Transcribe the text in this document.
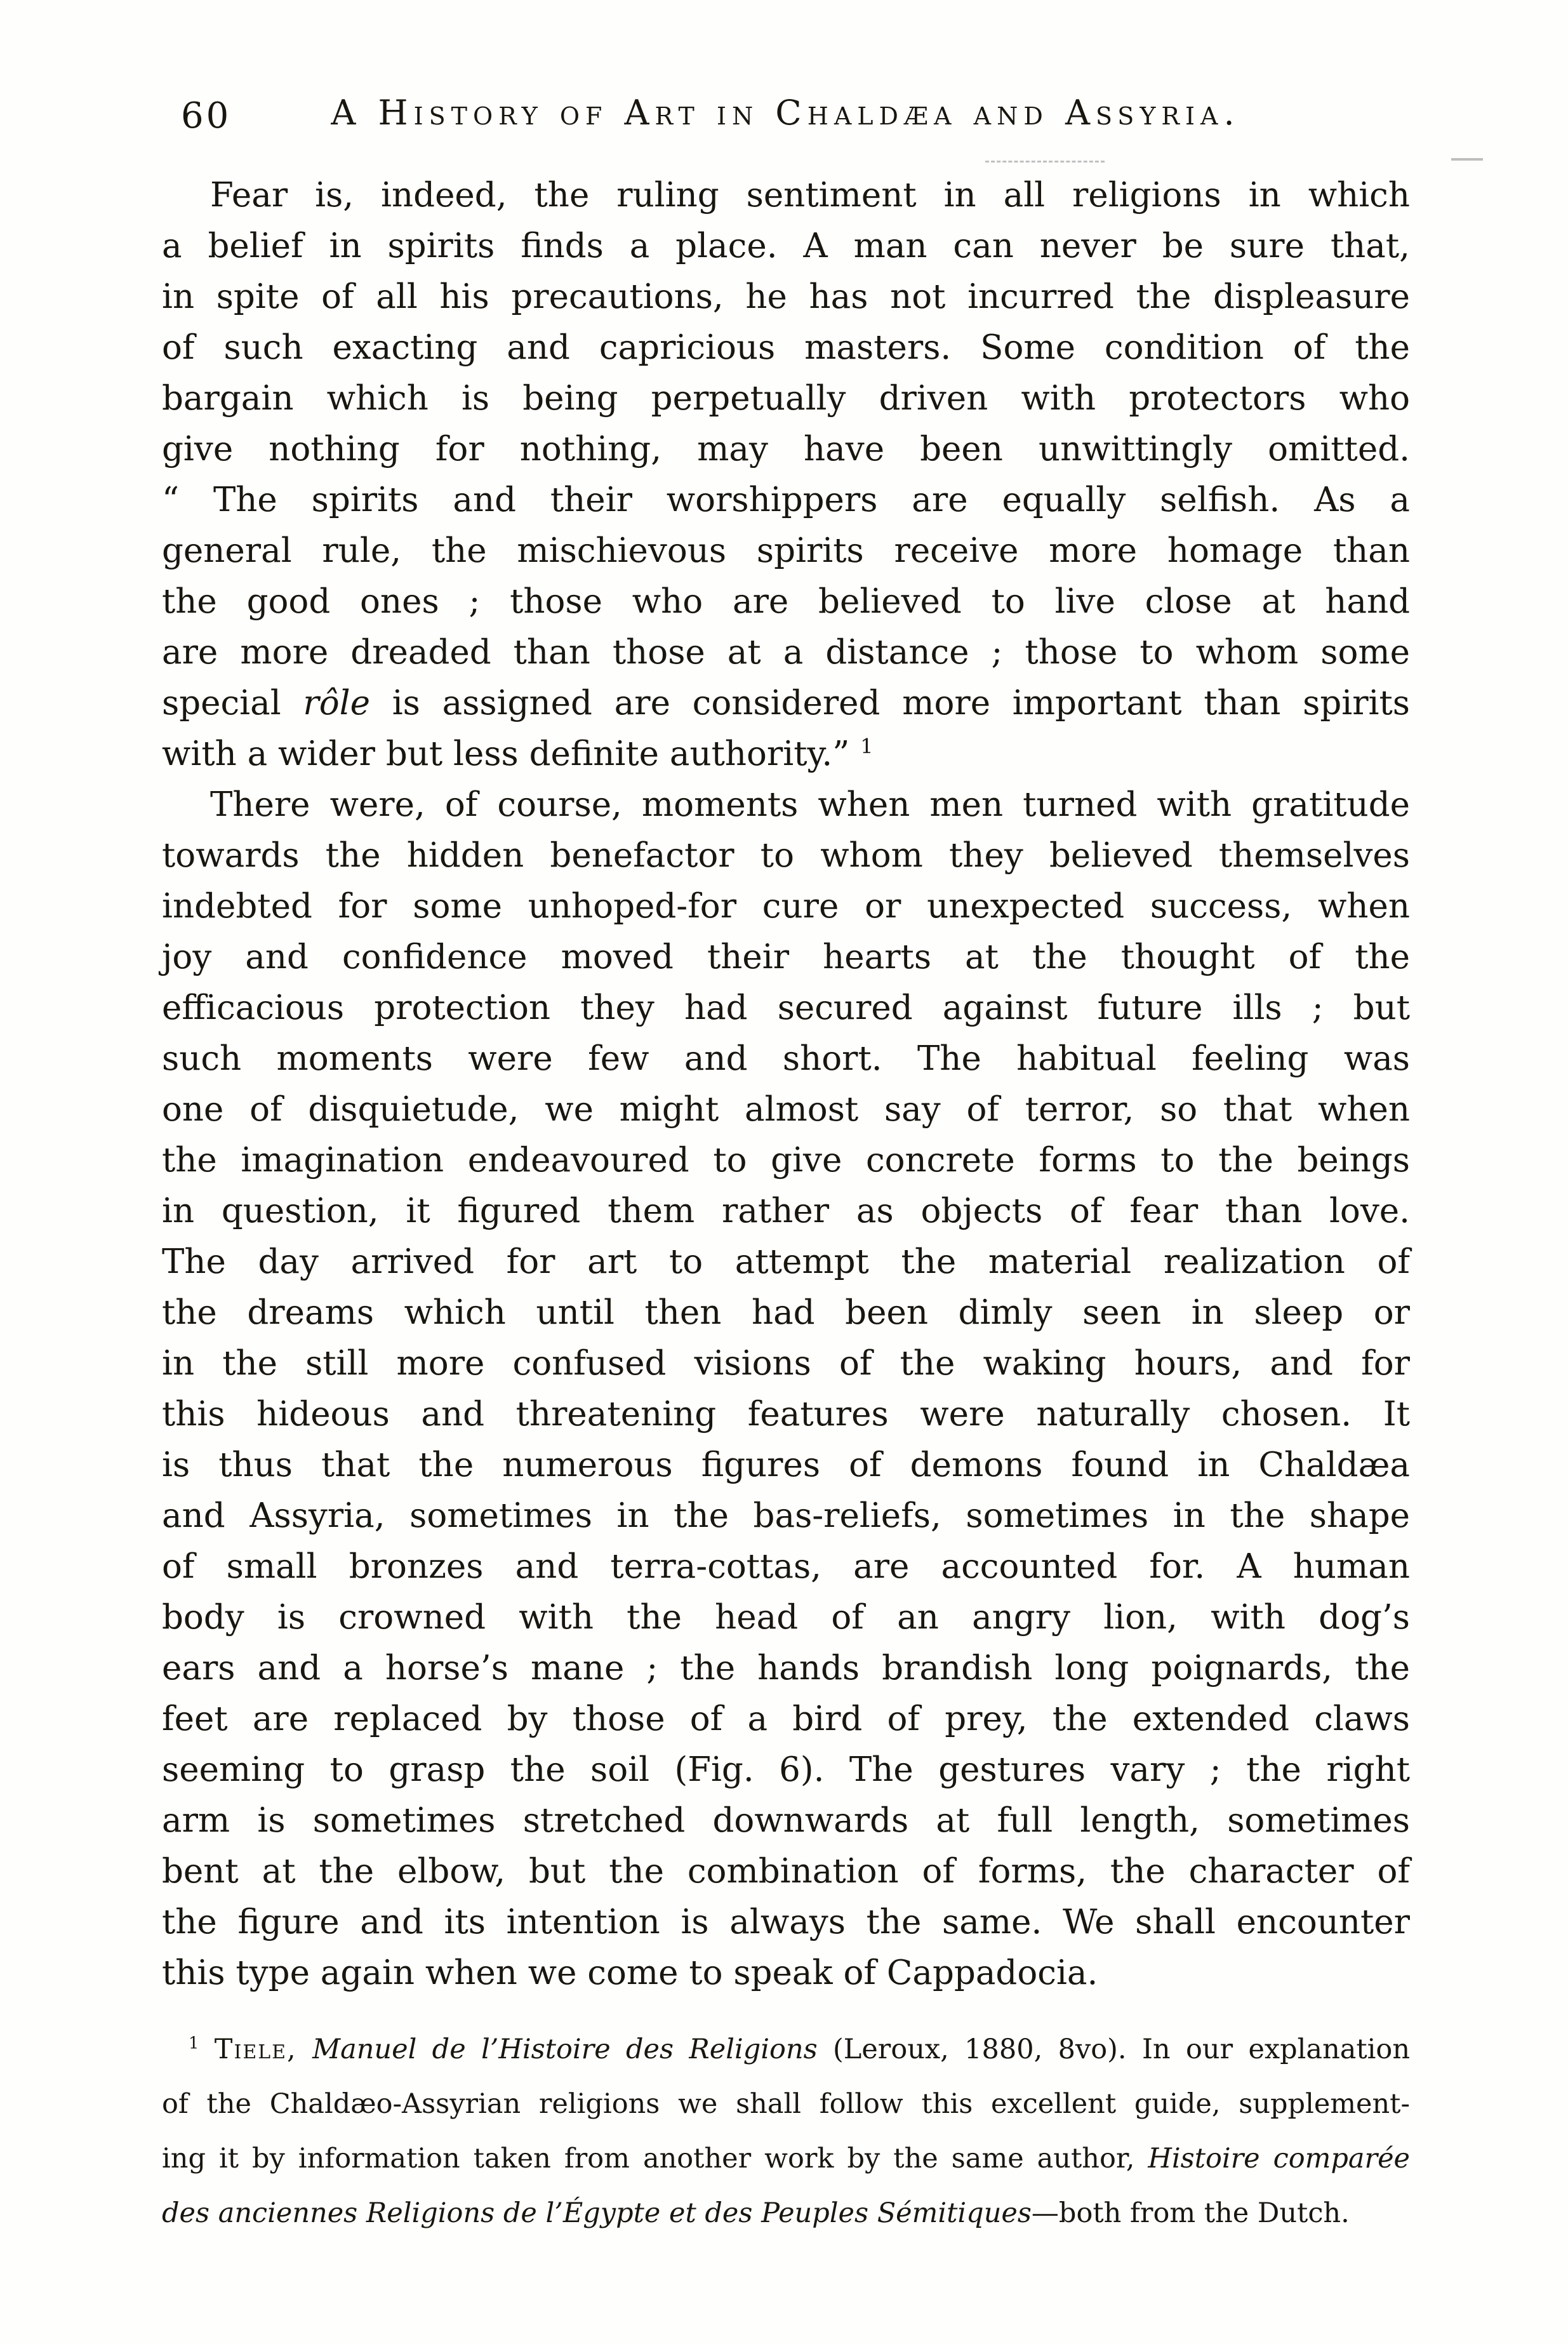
60	A History of Art in Chaldæa and Assyria.
Fear is, indeed, the ruling sentiment in all religions in which
a belief in spirits finds a place. A man can never be sure that,
in spite of all his precautions, he has not incurred the displeasure
of such exacting and capricious masters. Some condition of the
bargain which is being perpetually driven with protectors who
give nothing for nothing, may have been unwittingly omitted.
“ The spirits and their worshippers are equally selfish. As a
general rule, the mischievous spirits receive more homage than
the good ones ; those who are believed to live close at hand
are more dreaded than those at a distance ; those to whom some
special rôle is assigned are considered more important than spirits
with a wider but less definite authority.” $^1$
There were, of course, moments when men turned with gratitude
towards the hidden benefactor to whom they believed themselves
indebted for some unhoped-for cure or unexpected success, when
joy and confidence moved their hearts at the thought of the
efficacious protection they had secured against future ills ; but
such moments were few and short. The habitual feeling was
one of disquietude, we might almost say of terror, so that when
the imagination endeavoured to give concrete forms to the beings
in question, it figured them rather as objects of fear than love.
The day arrived for art to attempt the material realization of
the dreams which until then had been dimly seen in sleep or
in the still more confused visions of the waking hours, and for
this hideous and threatening features were naturally chosen. It
is thus that the numerous figures of demons found in Chaldæa
and Assyria, sometimes in the bas-reliefs, sometimes in the shape
of small bronzes and terra-cottas, are accounted for. A human
body is crowned with the head of an angry lion, with dog’s
ears and a horse’s mane ; the hands brandish long poignards, the
feet are replaced by those of a bird of prey, the extended claws
seeming to grasp the soil (Fig. 6). The gestures vary ; the right
arm is sometimes stretched downwards at full length, sometimes
bent at the elbow, but the combination of forms, the character of
the figure and its intention is always the same. We shall encounter
this type again when we come to speak of Cappadocia.
$^1$ Tiele, Manuel de l’Histoire des Religions (Leroux, 1880, 8vo). In our explanation
of the Chaldæo-Assyrian religions we shall follow this excellent guide, supplement-
ing it by information taken from another work by the same author, Histoire comparée
des anciennes Religions de l’Égypte et des Peuples Sémitiques—both from the Dutch.
